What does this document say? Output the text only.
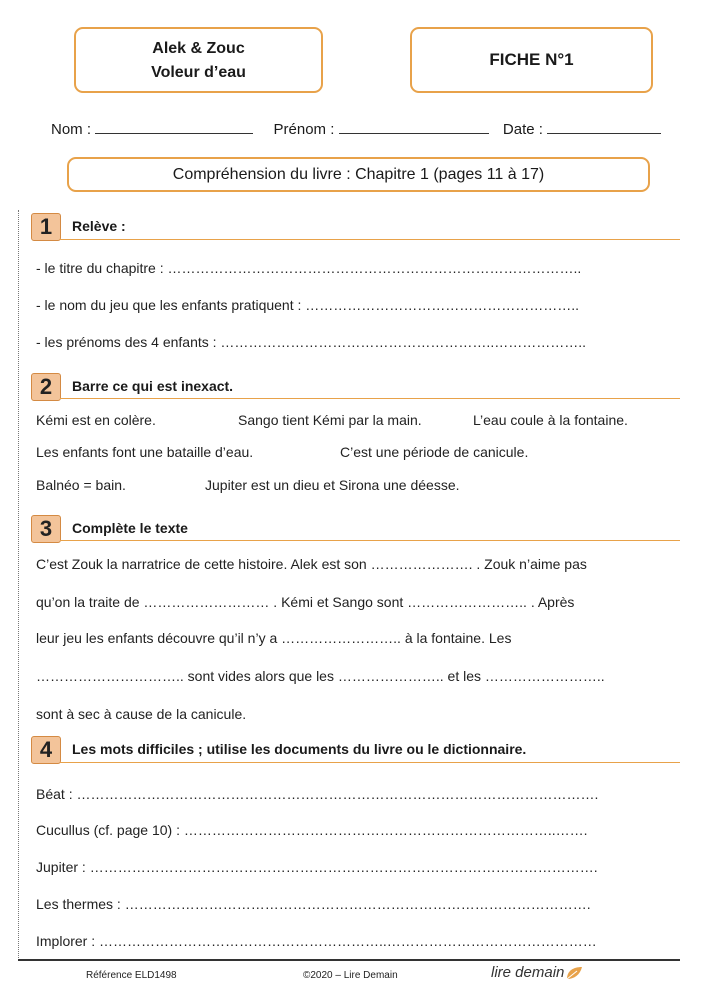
Alek & Zouc
Voleur d’eau
FICHE N°1
Nom :	Prénom :	Date :
Compréhension du livre : Chapitre 1 (pages 11 à 17)
1	Relève :
- le titre du chapitre : ……………………………………………………………………………..
- le nom du jeu que les enfants pratiquent : …………………………………………………..
- les prénoms des 4 enfants : …………………………………………………..………………..
2	Barre ce qui est inexact.
Kémi est en colère.	Sango tient Kémi par la main.	L’eau coule à la fontaine.
Les enfants font une bataille d’eau.	C’est une période de canicule.
Balnéo = bain.	Jupiter est un dieu et Sirona une déesse.
3	Complète le texte
C’est Zouk la narratrice de cette histoire. Alek est son …………………. . Zouk n’aime pas
qu’on la traite de ……………………… . Kémi et Sango sont …………………….. . Après
leur jeu les enfants découvre qu’il n’y a …………………….. à la fontaine. Les
………………………….. sont vides alors que les ………………….. et les ……………………..
sont à sec à cause de la canicule.
4	Les mots difficiles ; utilise les documents du livre ou le dictionnaire.
Béat : ………………………………………………………………………………………………….
Cucullus (cf. page 10) : ……………………………………………………………………..…….
Jupiter : ……………………………………………………………………………………………….
Les thermes : ……………………………………………………………………………………….
Implorer : ……………………………………………………..………………………………………
Référence ELD1498	©2020 – Lire Demain	lire demain
